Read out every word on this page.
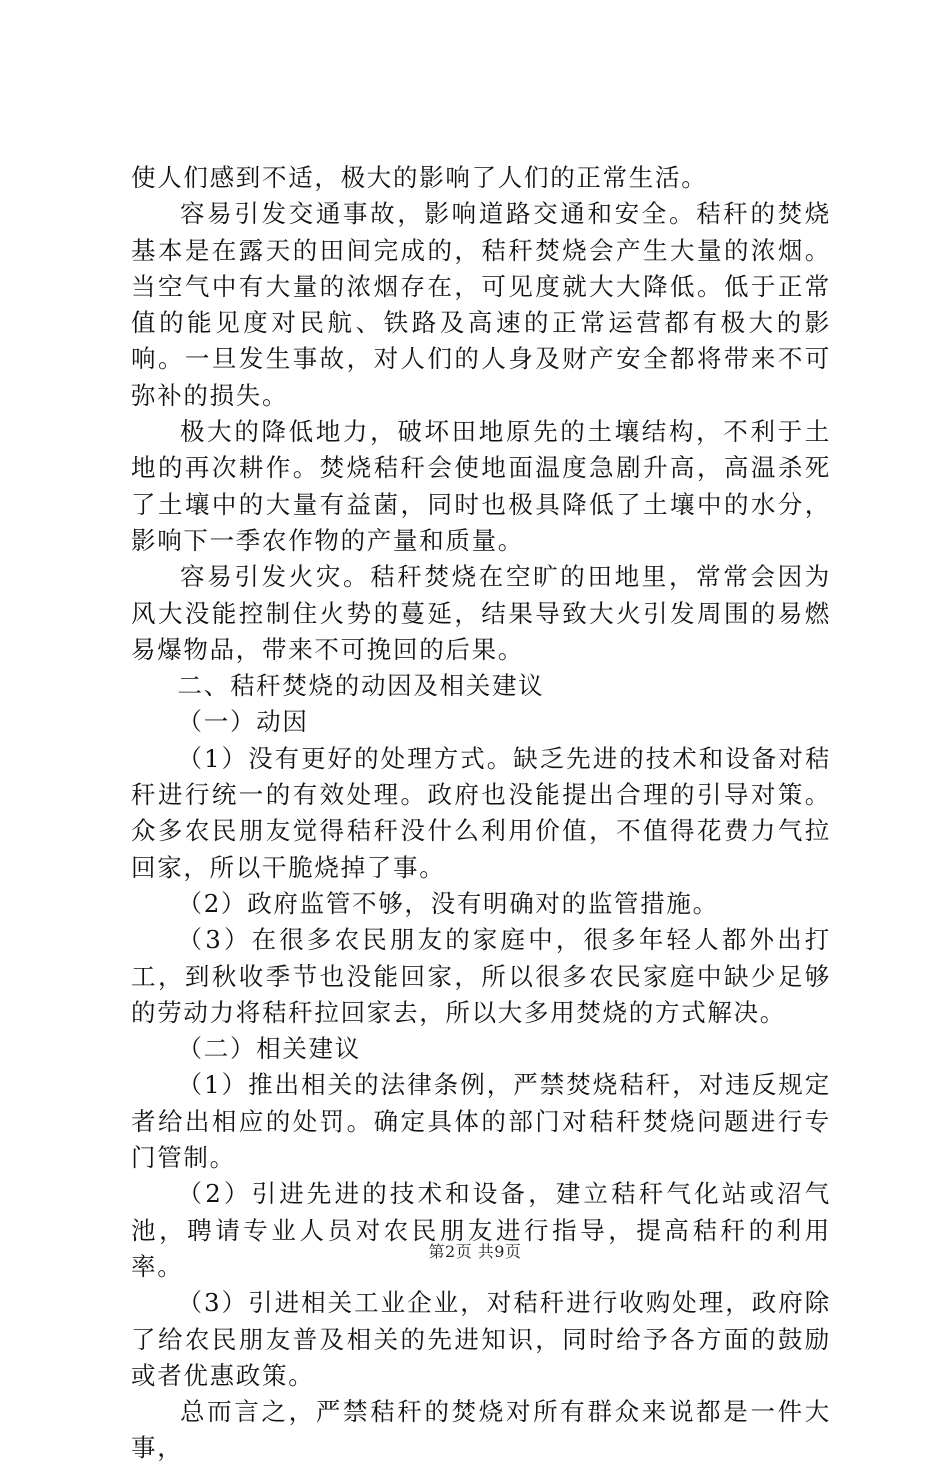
使人们感到不适，极大的影响了人们的正常生活。

容易引发交通事故，影响道路交通和安全。秸秆的焚烧基本是在露天的田间完成的，秸秆焚烧会产生大量的浓烟。当空气中有大量的浓烟存在，可见度就大大降低。低于正常值的能见度对民航、铁路及高速的正常运营都有极大的影响。一旦发生事故，对人们的人身及财产安全都将带来不可弥补的损失。

极大的降低地力，破坏田地原先的土壤结构，不利于土地的再次耕作。焚烧秸秆会使地面温度急剧升高，高温杀死了土壤中的大量有益菌，同时也极具降低了土壤中的水分，影响下一季农作物的产量和质量。

容易引发火灾。秸秆焚烧在空旷的田地里，常常会因为风大没能控制住火势的蔓延，结果导致大火引发周围的易燃易爆物品，带来不可挽回的后果。

二、秸秆焚烧的动因及相关建议

（一）动因

（1）没有更好的处理方式。缺乏先进的技术和设备对秸秆进行统一的有效处理。政府也没能提出合理的引导对策。众多农民朋友觉得秸秆没什么利用价值，不值得花费力气拉回家，所以干脆烧掉了事。

（2）政府监管不够，没有明确对的监管措施。

（3）在很多农民朋友的家庭中，很多年轻人都外出打工，到秋收季节也没能回家，所以很多农民家庭中缺少足够的劳动力将秸秆拉回家去，所以大多用焚烧的方式解决。

（二）相关建议

（1）推出相关的法律条例，严禁焚烧秸秆，对违反规定者给出相应的处罚。确定具体的部门对秸秆焚烧问题进行专门管制。

（2）引进先进的技术和设备，建立秸秆气化站或沼气池，聘请专业人员对农民朋友进行指导，提高秸秆的利用率。

（3）引进相关工业企业，对秸秆进行收购处理，政府除了给农民朋友普及相关的先进知识，同时给予各方面的鼓励或者优惠政策。

总而言之，严禁秸秆的焚烧对所有群众来说都是一件大事，

第2页 共9页
